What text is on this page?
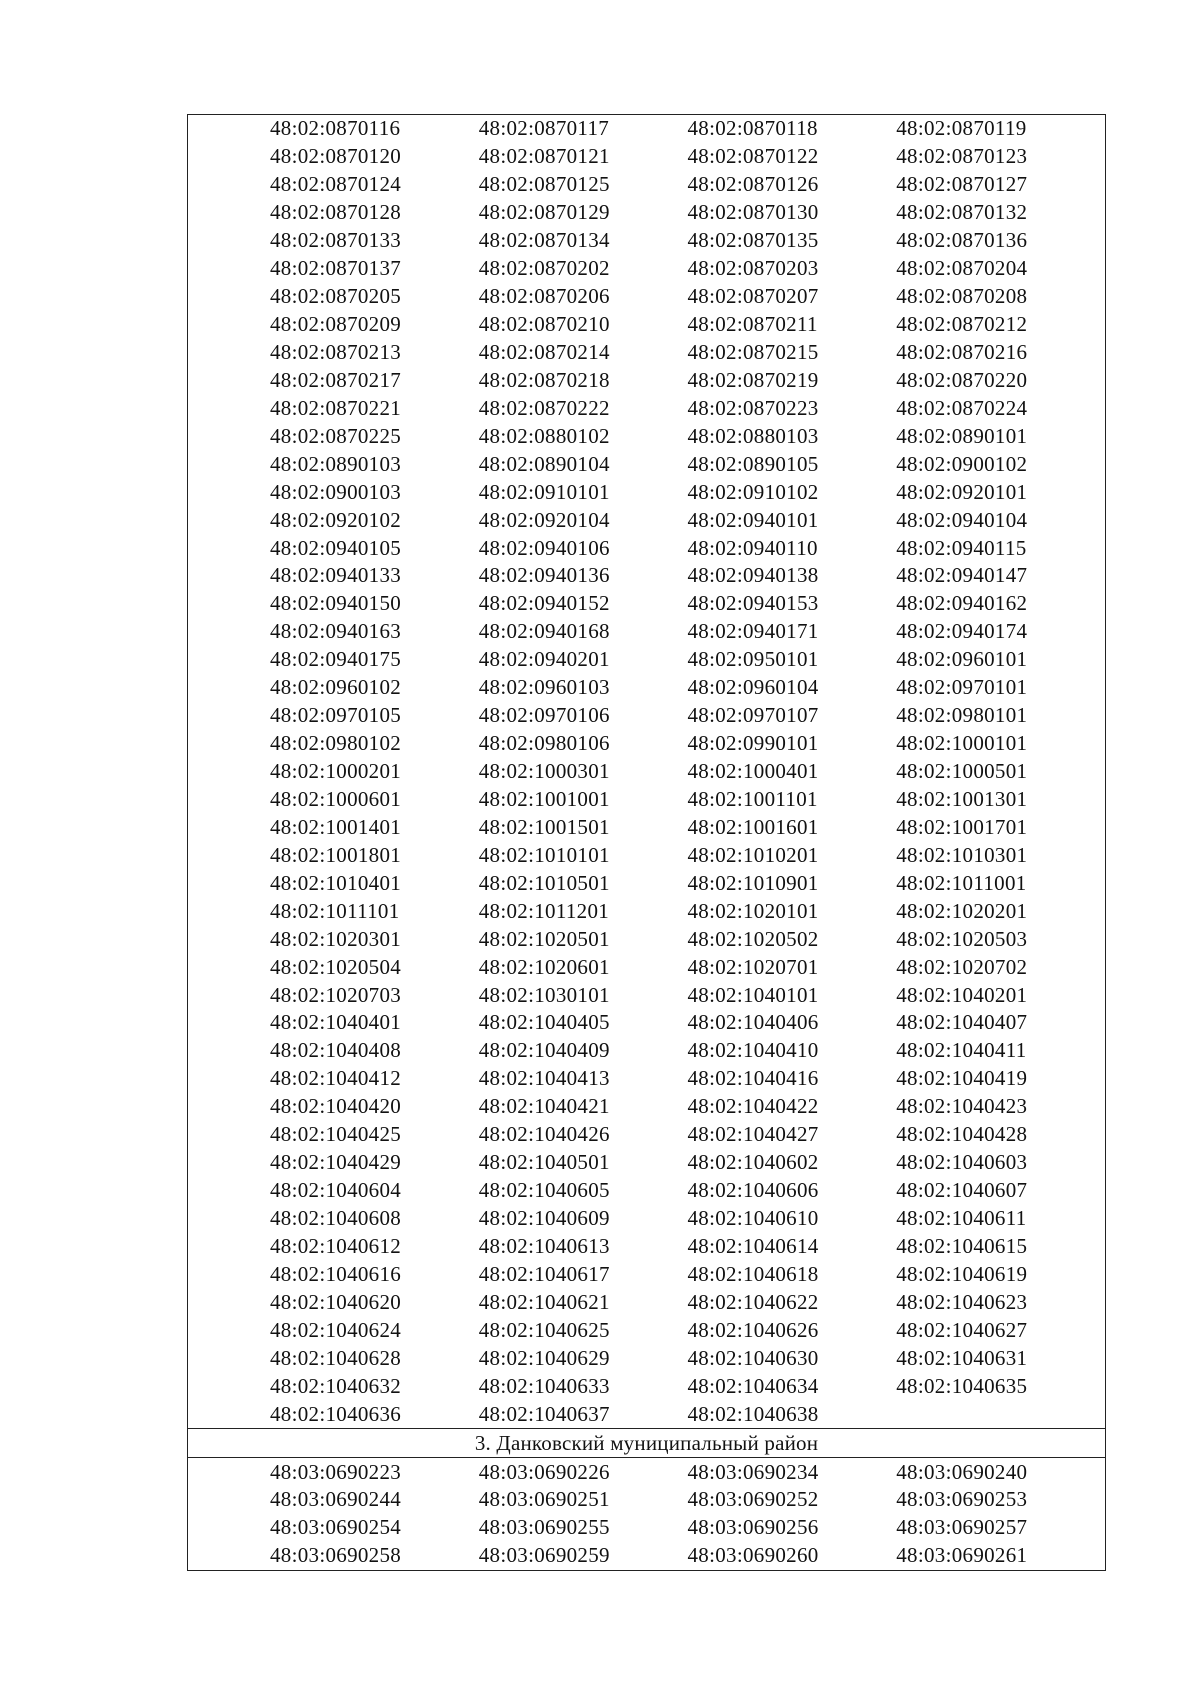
48:02:0870116	48:02:0870117	48:02:0870118	48:02:0870119
48:02:0870120	48:02:0870121	48:02:0870122	48:02:0870123
48:02:0870124	48:02:0870125	48:02:0870126	48:02:0870127
48:02:0870128	48:02:0870129	48:02:0870130	48:02:0870132
48:02:0870133	48:02:0870134	48:02:0870135	48:02:0870136
48:02:0870137	48:02:0870202	48:02:0870203	48:02:0870204
48:02:0870205	48:02:0870206	48:02:0870207	48:02:0870208
48:02:0870209	48:02:0870210	48:02:0870211	48:02:0870212
48:02:0870213	48:02:0870214	48:02:0870215	48:02:0870216
48:02:0870217	48:02:0870218	48:02:0870219	48:02:0870220
48:02:0870221	48:02:0870222	48:02:0870223	48:02:0870224
48:02:0870225	48:02:0880102	48:02:0880103	48:02:0890101
48:02:0890103	48:02:0890104	48:02:0890105	48:02:0900102
48:02:0900103	48:02:0910101	48:02:0910102	48:02:0920101
48:02:0920102	48:02:0920104	48:02:0940101	48:02:0940104
48:02:0940105	48:02:0940106	48:02:0940110	48:02:0940115
48:02:0940133	48:02:0940136	48:02:0940138	48:02:0940147
48:02:0940150	48:02:0940152	48:02:0940153	48:02:0940162
48:02:0940163	48:02:0940168	48:02:0940171	48:02:0940174
48:02:0940175	48:02:0940201	48:02:0950101	48:02:0960101
48:02:0960102	48:02:0960103	48:02:0960104	48:02:0970101
48:02:0970105	48:02:0970106	48:02:0970107	48:02:0980101
48:02:0980102	48:02:0980106	48:02:0990101	48:02:1000101
48:02:1000201	48:02:1000301	48:02:1000401	48:02:1000501
48:02:1000601	48:02:1001001	48:02:1001101	48:02:1001301
48:02:1001401	48:02:1001501	48:02:1001601	48:02:1001701
48:02:1001801	48:02:1010101	48:02:1010201	48:02:1010301
48:02:1010401	48:02:1010501	48:02:1010901	48:02:1011001
48:02:1011101	48:02:1011201	48:02:1020101	48:02:1020201
48:02:1020301	48:02:1020501	48:02:1020502	48:02:1020503
48:02:1020504	48:02:1020601	48:02:1020701	48:02:1020702
48:02:1020703	48:02:1030101	48:02:1040101	48:02:1040201
48:02:1040401	48:02:1040405	48:02:1040406	48:02:1040407
48:02:1040408	48:02:1040409	48:02:1040410	48:02:1040411
48:02:1040412	48:02:1040413	48:02:1040416	48:02:1040419
48:02:1040420	48:02:1040421	48:02:1040422	48:02:1040423
48:02:1040425	48:02:1040426	48:02:1040427	48:02:1040428
48:02:1040429	48:02:1040501	48:02:1040602	48:02:1040603
48:02:1040604	48:02:1040605	48:02:1040606	48:02:1040607
48:02:1040608	48:02:1040609	48:02:1040610	48:02:1040611
48:02:1040612	48:02:1040613	48:02:1040614	48:02:1040615
48:02:1040616	48:02:1040617	48:02:1040618	48:02:1040619
48:02:1040620	48:02:1040621	48:02:1040622	48:02:1040623
48:02:1040624	48:02:1040625	48:02:1040626	48:02:1040627
48:02:1040628	48:02:1040629	48:02:1040630	48:02:1040631
48:02:1040632	48:02:1040633	48:02:1040634	48:02:1040635
48:02:1040636	48:02:1040637	48:02:1040638
3. Данковский муниципальный район
48:03:0690223	48:03:0690226	48:03:0690234	48:03:0690240
48:03:0690244	48:03:0690251	48:03:0690252	48:03:0690253
48:03:0690254	48:03:0690255	48:03:0690256	48:03:0690257
48:03:0690258	48:03:0690259	48:03:0690260	48:03:0690261
